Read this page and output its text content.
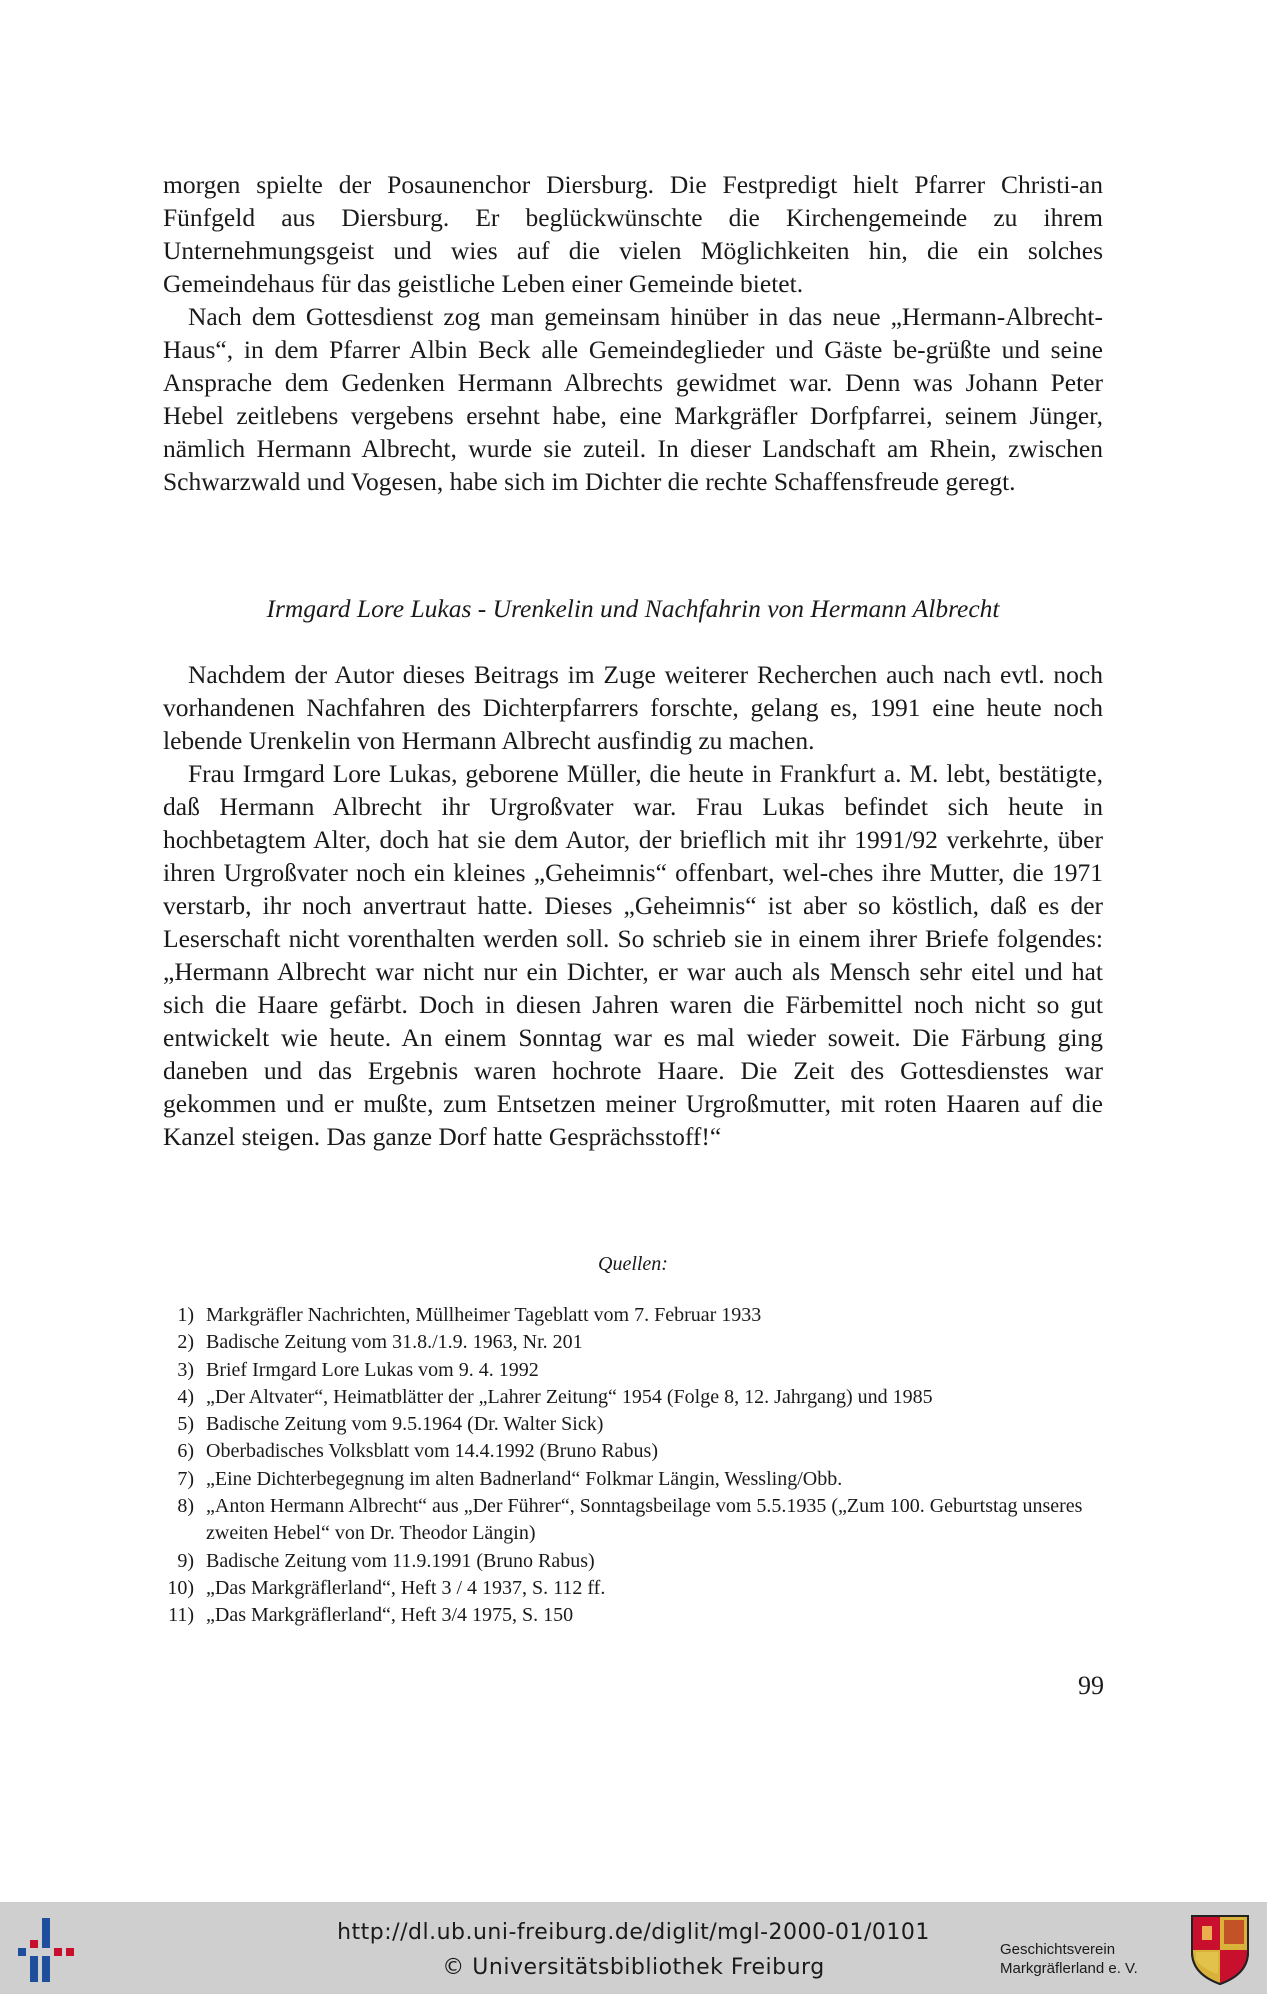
morgen spielte der Posaunenchor Diersburg. Die Festpredigt hielt Pfarrer Christi-an Fünfgeld aus Diersburg. Er beglückwünschte die Kirchengemeinde zu ihrem Unternehmungsgeist und wies auf die vielen Möglichkeiten hin, die ein solches Gemeindehaus für das geistliche Leben einer Gemeinde bietet.

Nach dem Gottesdienst zog man gemeinsam hinüber in das neue „Hermann-Albrecht-Haus“, in dem Pfarrer Albin Beck alle Gemeindeglieder und Gäste be-grüßte und seine Ansprache dem Gedenken Hermann Albrechts gewidmet war. Denn was Johann Peter Hebel zeitlebens vergebens ersehnt habe, eine Markgräfler Dorfpfarrei, seinem Jünger, nämlich Hermann Albrecht, wurde sie zuteil. In dieser Landschaft am Rhein, zwischen Schwarzwald und Vogesen, habe sich im Dichter die rechte Schaffensfreude geregt.

Irmgard Lore Lukas - Urenkelin und Nachfahrin von Hermann Albrecht

Nachdem der Autor dieses Beitrags im Zuge weiterer Recherchen auch nach evtl. noch vorhandenen Nachfahren des Dichterpfarrers forschte, gelang es, 1991 eine heute noch lebende Urenkelin von Hermann Albrecht ausfindig zu machen.

Frau Irmgard Lore Lukas, geborene Müller, die heute in Frankfurt a. M. lebt, bestätigte, daß Hermann Albrecht ihr Urgroßvater war. Frau Lukas befindet sich heute in hochbetagtem Alter, doch hat sie dem Autor, der brieflich mit ihr 1991/92 verkehrte, über ihren Urgroßvater noch ein kleines „Geheimnis“ offenbart, wel-ches ihre Mutter, die 1971 verstarb, ihr noch anvertraut hatte. Dieses „Geheimnis“ ist aber so köstlich, daß es der Leserschaft nicht vorenthalten werden soll. So schrieb sie in einem ihrer Briefe folgendes: „Hermann Albrecht war nicht nur ein Dichter, er war auch als Mensch sehr eitel und hat sich die Haare gefärbt. Doch in diesen Jahren waren die Färbemittel noch nicht so gut entwickelt wie heute. An einem Sonntag war es mal wieder soweit. Die Färbung ging daneben und das Ergebnis waren hochrote Haare. Die Zeit des Gottesdienstes war gekommen und er mußte, zum Entsetzen meiner Urgroßmutter, mit roten Haaren auf die Kanzel steigen. Das ganze Dorf hatte Gesprächsstoff!“

Quellen:
1) Markgräfler Nachrichten, Müllheimer Tageblatt vom 7. Februar 1933
2) Badische Zeitung vom 31.8./1.9. 1963, Nr. 201
3) Brief Irmgard Lore Lukas vom 9. 4. 1992
4) „Der Altvater“, Heimatblätter der „Lahrer Zeitung“ 1954 (Folge 8, 12. Jahrgang) und 1985
5) Badische Zeitung vom 9.5.1964 (Dr. Walter Sick)
6) Oberbadisches Volksblatt vom 14.4.1992 (Bruno Rabus)
7) „Eine Dichterbegegnung im alten Badnerland“ Folkmar Längin, Wessling/Obb.
8) „Anton Hermann Albrecht“ aus „Der Führer“, Sonntagsbeilage vom 5.5.1935 („Zum 100. Geburtstag unseres zweiten Hebel“ von Dr. Theodor Längin)
9) Badische Zeitung vom 11.9.1991 (Bruno Rabus)
10) „Das Markgräflerland“, Heft 3 / 4 1937, S. 112 ff.
11) „Das Markgräflerland“, Heft 3/4 1975, S. 150
99
http://dl.ub.uni-freiburg.de/diglit/mgl-2000-01/0101
© Universitätsbibliothek Freiburg
Geschichtsverein
Markgräflerland e. V.
